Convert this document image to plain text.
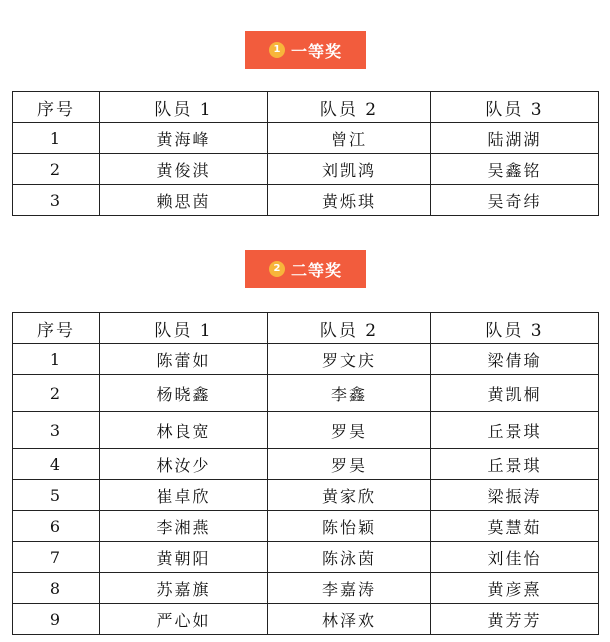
1 一等奖
序号	队员 1	队员 2	队员 3
1	黄海峰	曾江	陆湖湖
2	黄俊淇	刘凯鸿	吴鑫铭
3	赖思茵	黄烁琪	吴奇纬
2 二等奖
序号	队员 1	队员 2	队员 3
1	陈蕾如	罗文庆	梁倩瑜
2	杨晓鑫	李鑫	黄凯桐
3	林良宽	罗昊	丘景琪
4	林汝少	罗昊	丘景琪
5	崔卓欣	黄家欣	梁振涛
6	李湘燕	陈怡颖	莫慧茹
7	黄朝阳	陈泳茵	刘佳怡
8	苏嘉旗	李嘉涛	黄彦熹
9	严心如	林泽欢	黄芳芳
